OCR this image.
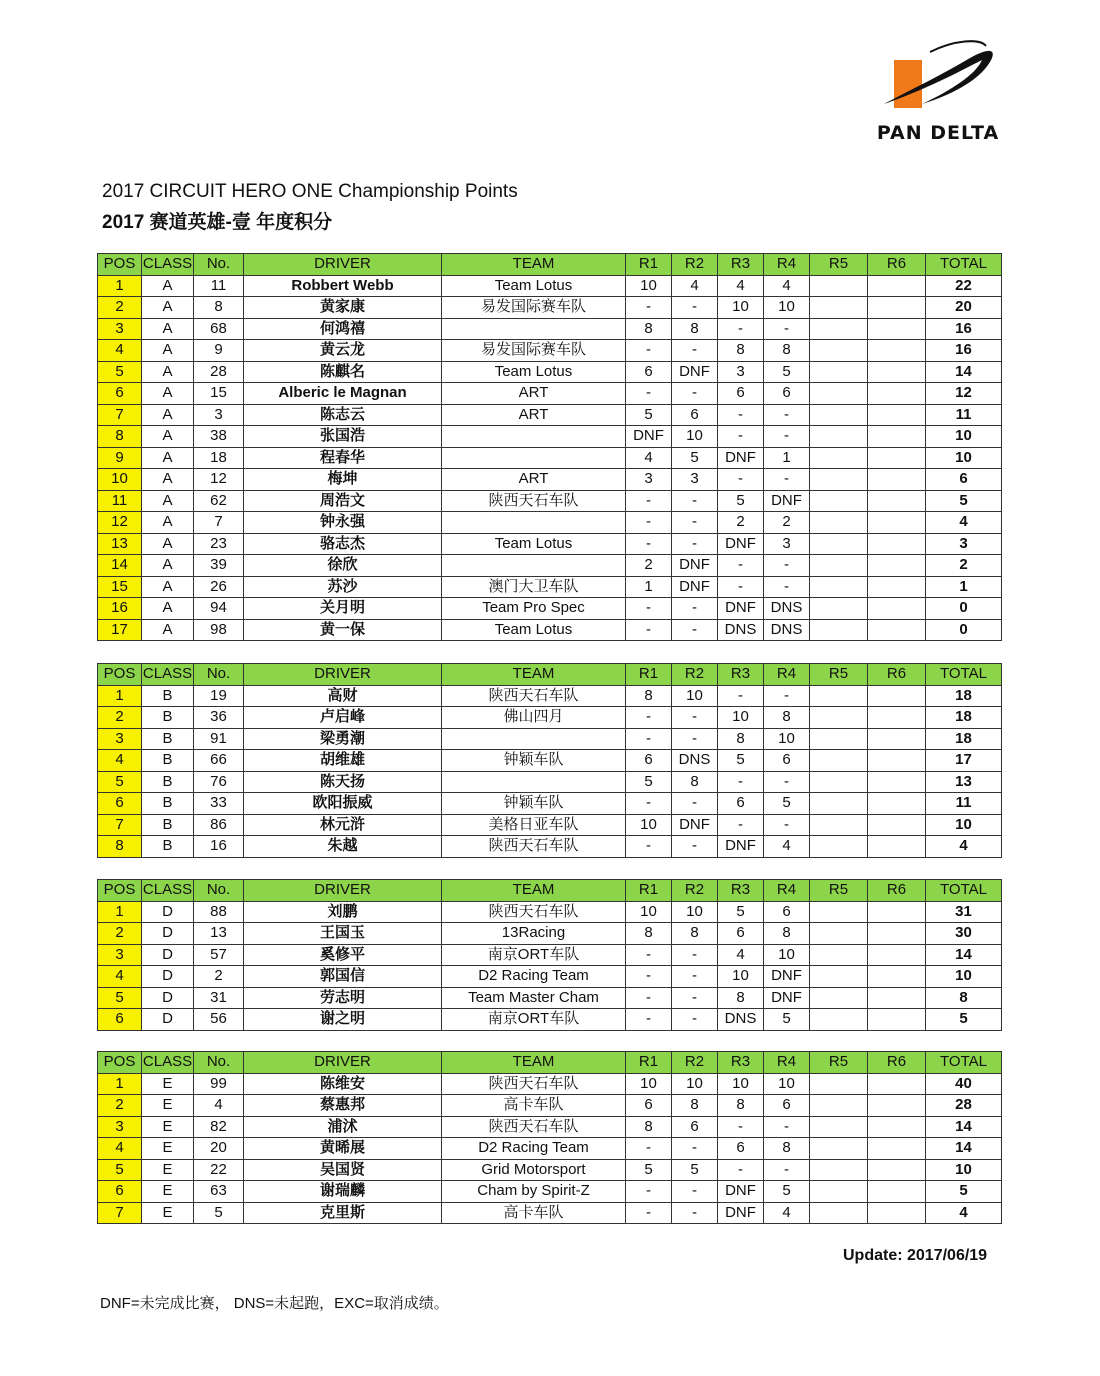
PAN DELTA
2017 CIRCUIT HERO ONE Championship Points
2017 赛道英雄-壹 年度积分
POS	CLASS	No.	DRIVER	TEAM	R1	R2	R3	R4	R5	R6	TOTAL
1	A	11	Robbert Webb	Team Lotus	10	4	4	4			22
2	A	8	黄家康	易发国际赛车队	-	-	10	10			20
3	A	68	何鸿禧		8	8	-	-			16
4	A	9	黄云龙	易发国际赛车队	-	-	8	8			16
5	A	28	陈麒名	Team Lotus	6	DNF	3	5			14
6	A	15	Alberic le Magnan	ART	-	-	6	6			12
7	A	3	陈志云	ART	5	6	-	-			11
8	A	38	张国浩		DNF	10	-	-			10
9	A	18	程春华		4	5	DNF	1			10
10	A	12	梅坤	ART	3	3	-	-			6
11	A	62	周浩文	陕西天石车队	-	-	5	DNF			5
12	A	7	钟永强		-	-	2	2			4
13	A	23	骆志杰	Team Lotus	-	-	DNF	3			3
14	A	39	徐欣		2	DNF	-	-			2
15	A	26	苏沙	澳门大卫车队	1	DNF	-	-			1
16	A	94	关月明	Team Pro Spec	-	-	DNF	DNS			0
17	A	98	黄一保	Team Lotus	-	-	DNS	DNS			0
POS	CLASS	No.	DRIVER	TEAM	R1	R2	R3	R4	R5	R6	TOTAL
1	B	19	高财	陕西天石车队	8	10	-	-			18
2	B	36	卢启峰	佛山四月	-	-	10	8			18
3	B	91	梁勇潮		-	-	8	10			18
4	B	66	胡维雄	钟颖车队	6	DNS	5	6			17
5	B	76	陈天扬		5	8	-	-			13
6	B	33	欧阳振威	钟颖车队	-	-	6	5			11
7	B	86	林元浒	美格日亚车队	10	DNF	-	-			10
8	B	16	朱越	陕西天石车队	-	-	DNF	4			4
POS	CLASS	No.	DRIVER	TEAM	R1	R2	R3	R4	R5	R6	TOTAL
1	D	88	刘鹏	陕西天石车队	10	10	5	6			31
2	D	13	王国玉	13Racing	8	8	6	8			30
3	D	57	奚修平	南京ORT车队	-	-	4	10			14
4	D	2	郭国信	D2 Racing Team	-	-	10	DNF			10
5	D	31	劳志明	Team Master Cham	-	-	8	DNF			8
6	D	56	谢之明	南京ORT车队	-	-	DNS	5			5
POS	CLASS	No.	DRIVER	TEAM	R1	R2	R3	R4	R5	R6	TOTAL
1	E	99	陈维安	陕西天石车队	10	10	10	10			40
2	E	4	蔡惠邦	高卡车队	6	8	8	6			28
3	E	82	浦沭	陕西天石车队	8	6	-	-			14
4	E	20	黄晞展	D2 Racing Team	-	-	6	8			14
5	E	22	吴国贤	Grid Motorsport	5	5	-	-			10
6	E	63	谢瑞麟	Cham by Spirit-Z	-	-	DNF	5			5
7	E	5	克里斯	高卡车队	-	-	DNF	4			4
Update: 2017/06/19
DNF=未完成比赛， DNS=未起跑，EXC=取消成绩。
